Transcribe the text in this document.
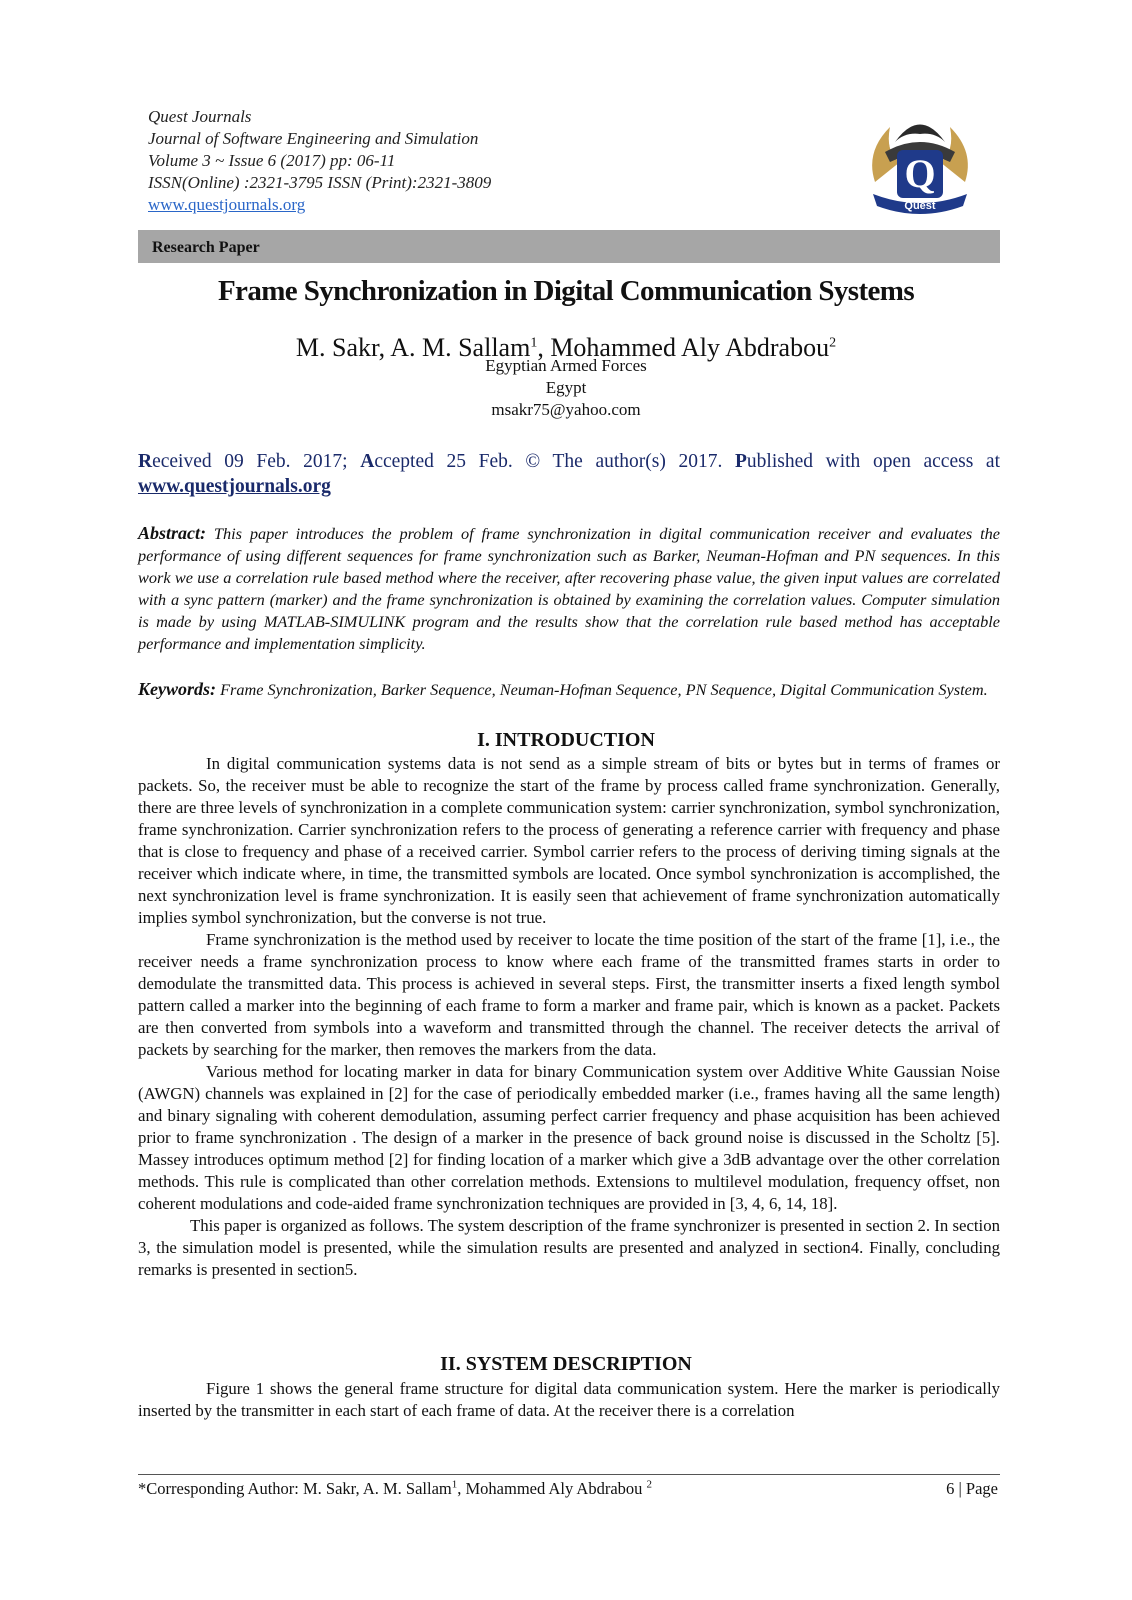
Quest Journals
Journal of Software Engineering and Simulation
Volume 3 ~ Issue 6 (2017) pp: 06-11
ISSN(Online) :2321-3795 ISSN (Print):2321-3809
www.questjournals.org
Q
Quest
Research Paper
Frame Synchronization in Digital Communication Systems
M. Sakr, A. M. Sallam$^1$, Mohammed Aly Abdrabou$^2$
Egyptian Armed Forces
Egypt
msakr75@yahoo.com
Received 09 Feb. 2017; Accepted 25 Feb. © The author(s) 2017. Published with open access at
www.questjournals.org
Abstract: This paper introduces the problem of frame synchronization in digital communication receiver and evaluates the performance of using different sequences for frame synchronization such as Barker, Neuman-Hofman and PN sequences. In this work we use a correlation rule based method where the receiver, after recovering phase value, the given input values are correlated with a sync pattern (marker) and the frame synchronization is obtained by examining the correlation values. Computer simulation is made by using MATLAB-SIMULINK program and the results show that the correlation rule based method has acceptable performance and implementation simplicity.
Keywords: Frame Synchronization, Barker Sequence, Neuman-Hofman Sequence, PN Sequence, Digital Communication System.
I. INTRODUCTION

In digital communication systems data is not send as a simple stream of bits or bytes but in terms of frames or packets. So, the receiver must be able to recognize the start of the frame by process called frame synchronization. Generally, there are three levels of synchronization in a complete communication system: carrier synchronization, symbol synchronization, frame synchronization. Carrier synchronization refers to the process of generating a reference carrier with frequency and phase that is close to frequency and phase of a received carrier. Symbol carrier refers to the process of deriving timing signals at the receiver which indicate where, in time, the transmitted symbols are located. Once symbol synchronization is accomplished, the next synchronization level is frame synchronization. It is easily seen that achievement of frame synchronization automatically implies symbol synchronization, but the converse is not true.

Frame synchronization is the method used by receiver to locate the time position of the start of the frame [1], i.e., the receiver needs a frame synchronization process to know where each frame of the transmitted frames starts in order to demodulate the transmitted data. This process is achieved in several steps. First, the transmitter inserts a fixed length symbol pattern called a marker into the beginning of each frame to form a marker and frame pair, which is known as a packet. Packets are then converted from symbols into a waveform and transmitted through the channel. The receiver detects the arrival of packets by searching for the marker, then removes the markers from the data.

Various method for locating marker in data for binary Communication system over Additive White Gaussian Noise (AWGN) channels was explained in [2] for the case of periodically embedded marker (i.e., frames having all the same length) and binary signaling with coherent demodulation, assuming perfect carrier frequency and phase acquisition has been achieved prior to frame synchronization . The design of a marker in the presence of back ground noise is discussed in the Scholtz [5]. Massey introduces optimum method [2] for finding location of a marker which give a 3dB advantage over the other correlation methods. This rule is complicated than other correlation methods. Extensions to multilevel modulation, frequency offset, non coherent modulations and code-aided frame synchronization techniques are provided in [3, 4, 6, 14, 18].

This paper is organized as follows. The system description of the frame synchronizer is presented in section 2. In section 3, the simulation model is presented, while the simulation results are presented and analyzed in section4. Finally, concluding remarks is presented in section5.

II. SYSTEM DESCRIPTION

Figure 1 shows the general frame structure for digital data communication system. Here the marker is periodically inserted by the transmitter in each start of each frame of data. At the receiver there is a correlation

*Corresponding Author: M. Sakr, A. M. Sallam$^1$, Mohammed Aly Abdrabou $^2$	6 | Page
